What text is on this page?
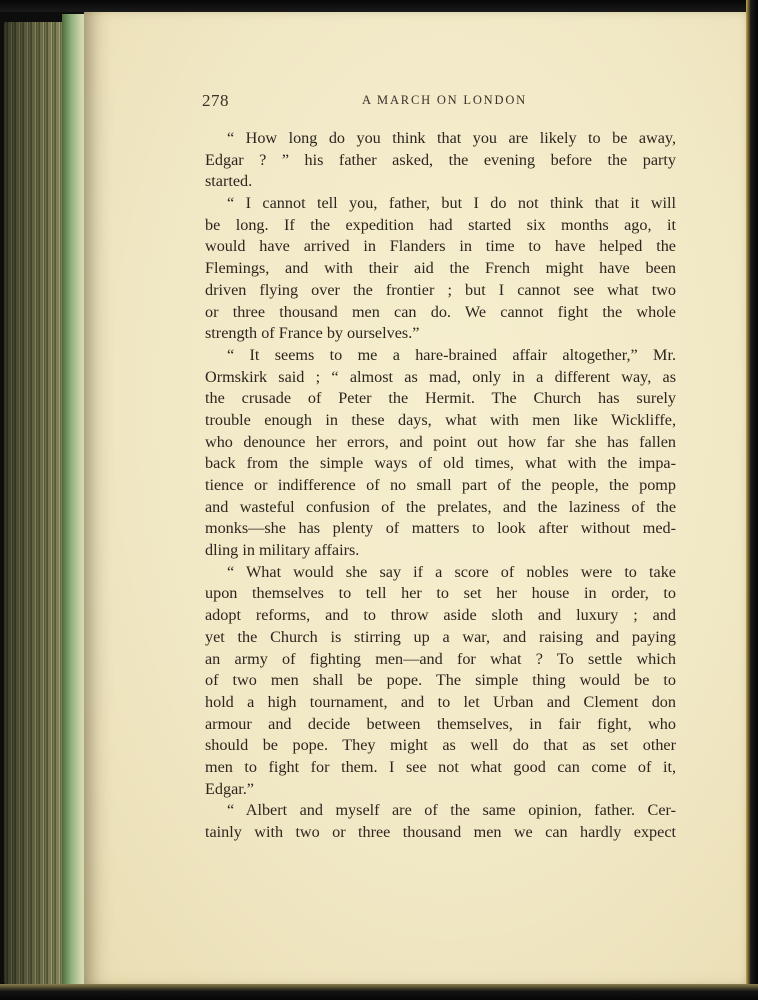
278	A MARCH ON LONDON
“ How long do you think that you are likely to be away,
Edgar ? ” his father asked, the evening before the party
started.
“ I cannot tell you, father, but I do not think that it will
be long. If the expedition had started six months ago, it
would have arrived in Flanders in time to have helped the
Flemings, and with their aid the French might have been
driven flying over the frontier ; but I cannot see what two
or three thousand men can do. We cannot fight the whole
strength of France by ourselves.”
“ It seems to me a hare-brained affair altogether,” Mr.
Ormskirk said ; “ almost as mad, only in a different way, as
the crusade of Peter the Hermit. The Church has surely
trouble enough in these days, what with men like Wickliffe,
who denounce her errors, and point out how far she has fallen
back from the simple ways of old times, what with the impa-
tience or indifference of no small part of the people, the pomp
and wasteful confusion of the prelates, and the laziness of the
monks—she has plenty of matters to look after without med-
dling in military affairs.
“ What would she say if a score of nobles were to take
upon themselves to tell her to set her house in order, to
adopt reforms, and to throw aside sloth and luxury ; and
yet the Church is stirring up a war, and raising and paying
an army of fighting men—and for what ? To settle which
of two men shall be pope. The simple thing would be to
hold a high tournament, and to let Urban and Clement don
armour and decide between themselves, in fair fight, who
should be pope. They might as well do that as set other
men to fight for them. I see not what good can come of it,
Edgar.”
“ Albert and myself are of the same opinion, father. Cer-
tainly with two or three thousand men we can hardly expect
